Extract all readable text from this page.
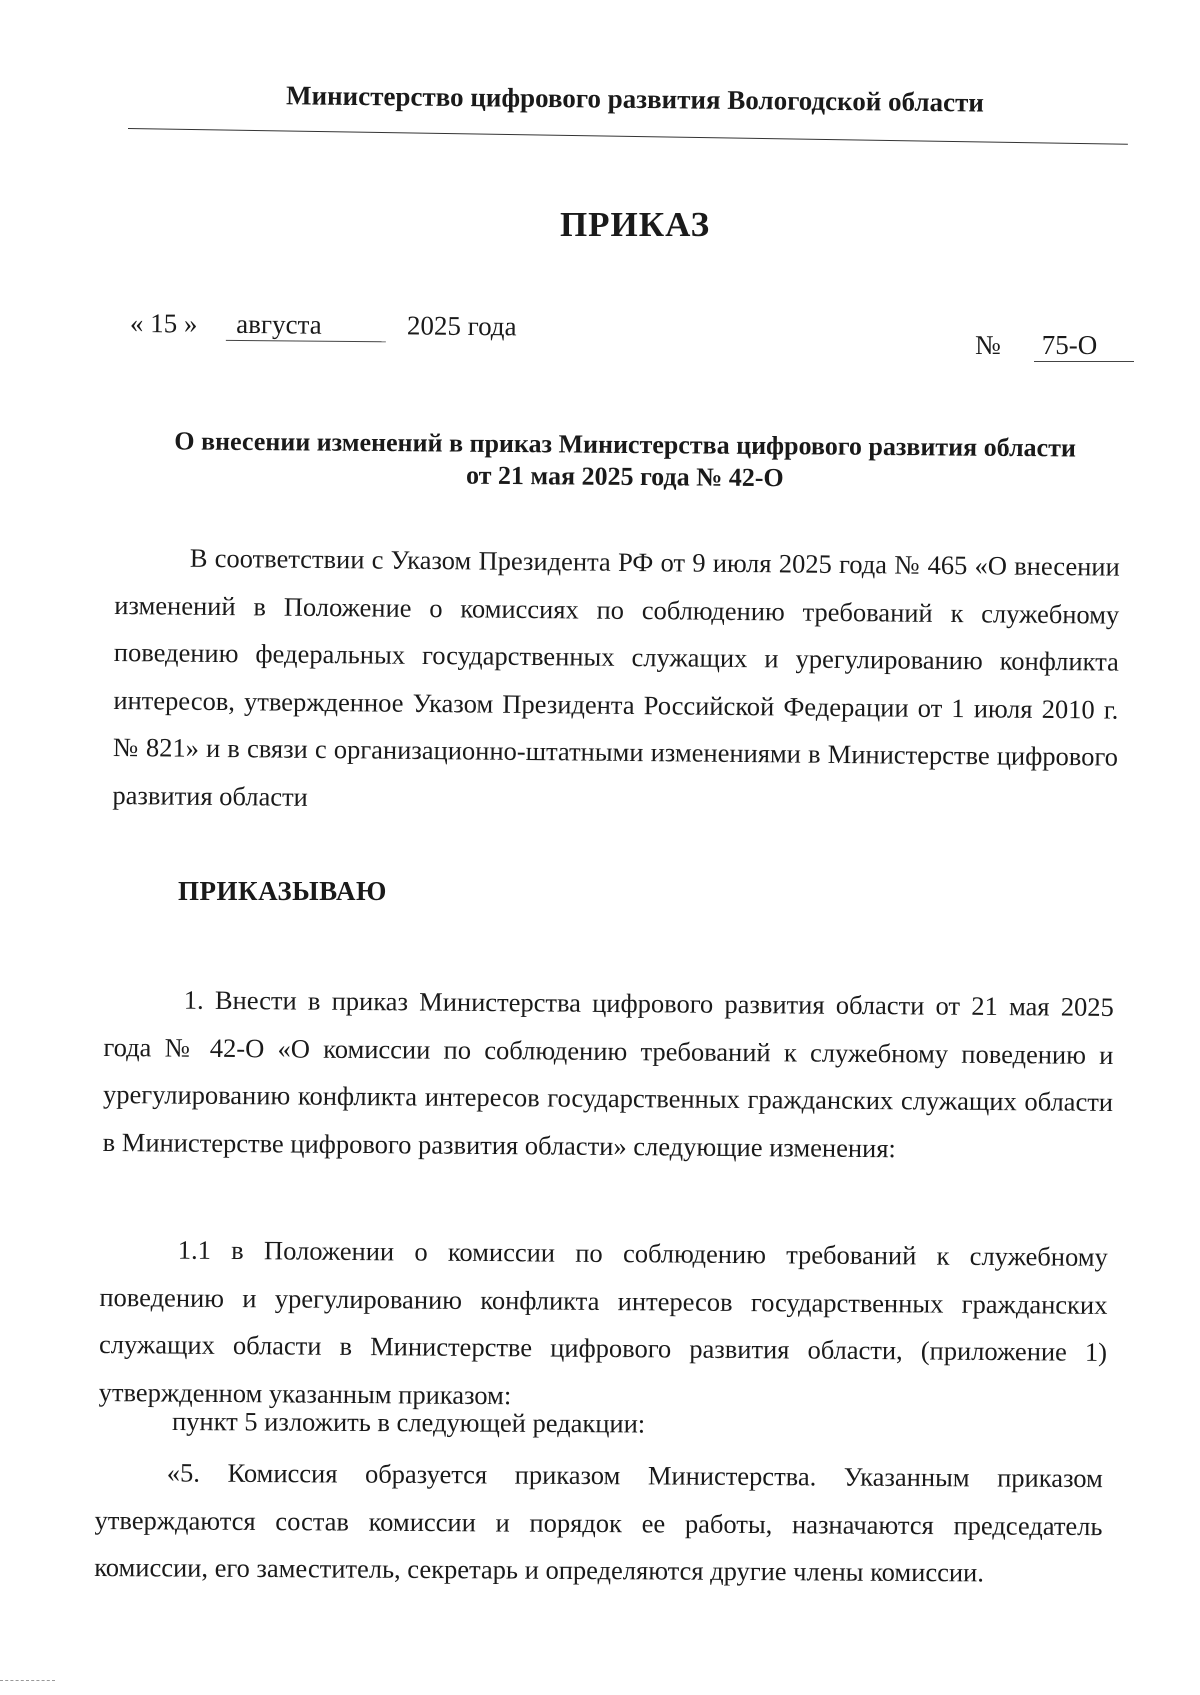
Министерство цифрового развития Вологодской области
ПРИКАЗ
« 15 » августа	2025 года
№ 75-О
О внесении изменений в приказ Министерства цифрового развития области
от 21 мая 2025 года № 42-О
В соответствии с Указом Президента РФ от 9 июля 2025 года № 465 «О внесении изменений в Положение о комиссиях по соблюдению требований к служебному поведению федеральных государственных служащих и урегулированию конфликта интересов, утвержденное Указом Президента Российской Федерации от 1 июля 2010 г. № 821» и в связи с организационно-штатными изменениями в Министерстве цифрового развития области
ПРИКАЗЫВАЮ
1. Внести в приказ Министерства цифрового развития области от 21 мая 2025 года № 42-О «О комиссии по соблюдению требований к служебному поведению и урегулированию конфликта интересов государственных гражданских служащих области в Министерстве цифрового развития области» следующие изменения:
1.1 в Положении о комиссии по соблюдению требований к служебному поведению и урегулированию конфликта интересов государственных гражданских служащих области в Министерстве цифрового развития области, (приложение 1) утвержденном указанным приказом:
пункт 5 изложить в следующей редакции:
«5. Комиссия образуется приказом Министерства. Указанным приказом утверждаются состав комиссии и порядок ее работы, назначаются председатель комиссии, его заместитель, секретарь и определяются другие члены комиссии.
